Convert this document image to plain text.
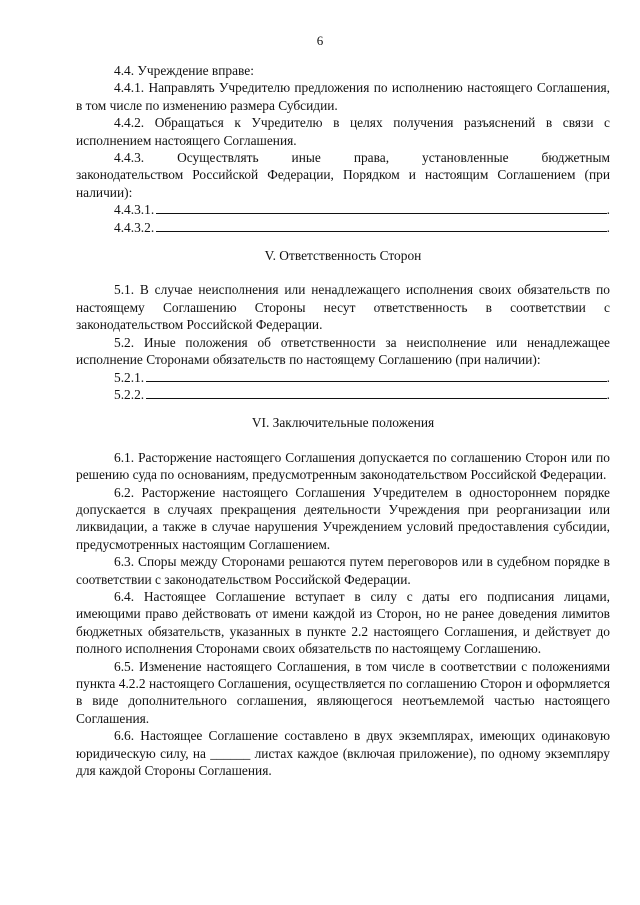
6

4.4. Учреждение вправе:

4.4.1. Направлять Учредителю предложения по исполнению настоящего Соглашения, в том числе по изменению размера Субсидии.

4.4.2. Обращаться к Учредителю в целях получения разъяснений в связи с исполнением настоящего Соглашения.

4.4.3. Осуществлять иные права, установленные бюджетным

законодательством Российской Федерации, Порядком и настоящим Соглашением (при наличии):

4.4.3.1.	.
4.4.3.2.	.

V. Ответственность Сторон

5.1. В случае неисполнения или ненадлежащего исполнения своих обязательств по настоящему Соглашению Стороны несут ответственность в соответствии с законодательством Российской Федерации.

5.2. Иные положения об ответственности за неисполнение или ненадлежащее исполнение Сторонами обязательств по настоящему Соглашению (при наличии):

5.2.1.	.
5.2.2.	.

VI. Заключительные положения

6.1. Расторжение настоящего Соглашения допускается по соглашению Сторон или по решению суда по основаниям, предусмотренным законодательством Российской Федерации.

6.2. Расторжение настоящего Соглашения Учредителем в одностороннем порядке допускается в случаях прекращения деятельности Учреждения при реорганизации или ликвидации, а также в случае нарушения Учреждением условий предоставления субсидии, предусмотренных настоящим Соглашением.

6.3. Споры между Сторонами решаются путем переговоров или в судебном порядке в соответствии с законодательством Российской Федерации.

6.4. Настоящее Соглашение вступает в силу с даты его подписания лицами, имеющими право действовать от имени каждой из Сторон, но не ранее доведения лимитов бюджетных обязательств, указанных в пункте 2.2 настоящего Соглашения, и действует до полного исполнения Сторонами своих обязательств по настоящему Соглашению.

6.5. Изменение настоящего Соглашения, в том числе в соответствии с положениями пункта 4.2.2 настоящего Соглашения, осуществляется по соглашению Сторон и оформляется в виде дополнительного соглашения, являющегося неотъемлемой частью настоящего Соглашения.

6.6. Настоящее Соглашение составлено в двух экземплярах, имеющих одинаковую юридическую силу, на ______ листах каждое (включая приложение), по одному экземпляру для каждой Стороны Соглашения.
